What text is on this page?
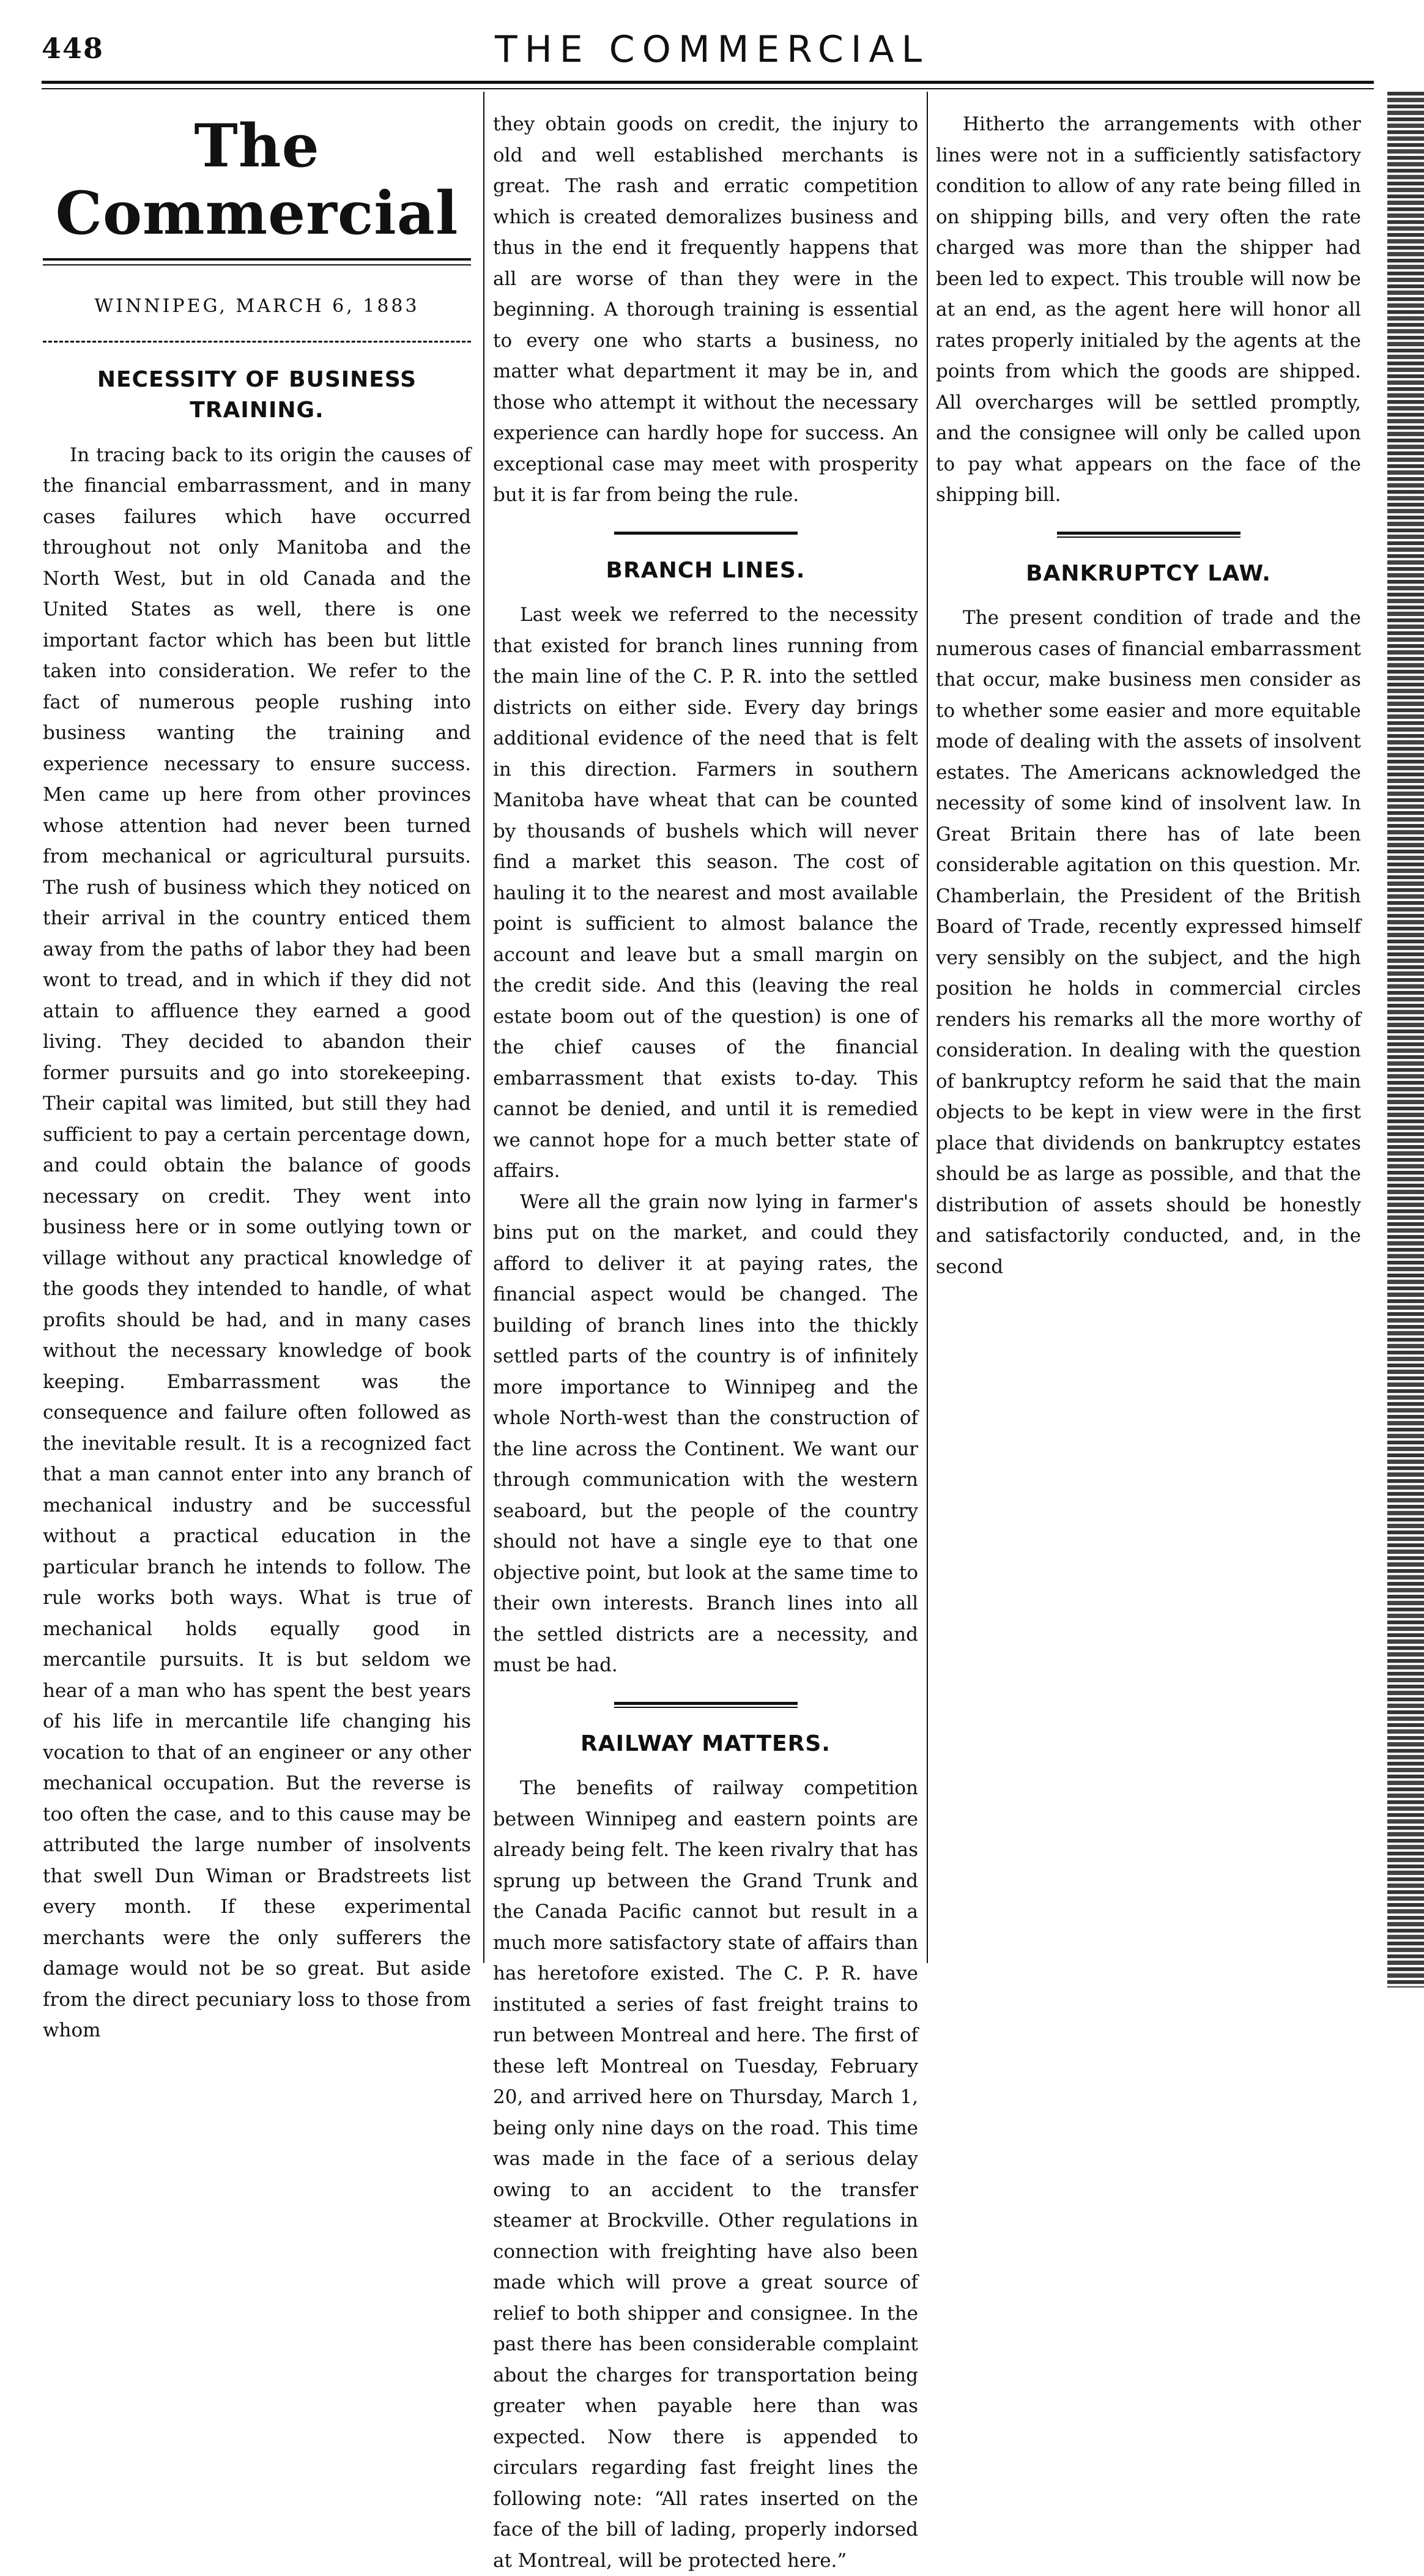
448	THE COMMERCIAL
The Commercial
WINNIPEG, MARCH 6, 1883
NECESSITY OF BUSINESS TRAINING.

In tracing back to its origin the causes of the financial embarrassment, and in many cases failures which have occurred throughout not only Manitoba and the North West, but in old Canada and the United States as well, there is one important factor which has been but little taken into consideration. We refer to the fact of numerous people rushing into business wanting the training and experience necessary to ensure success. Men came up here from other provinces whose attention had never been turned from mechanical or agricultural pursuits. The rush of business which they noticed on their arrival in the country enticed them away from the paths of labor they had been wont to tread, and in which if they did not attain to affluence they earned a good living. They decided to abandon their former pursuits and go into storekeeping. Their capital was limited, but still they had sufficient to pay a certain percentage down, and could obtain the balance of goods necessary on credit. They went into business here or in some outlying town or village without any practical knowledge of the goods they intended to handle, of what profits should be had, and in many cases without the necessary knowledge of book keeping. Embarrassment was the consequence and failure often followed as the inevitable result. It is a recognized fact that a man cannot enter into any branch of mechanical industry and be successful without a practical education in the particular branch he intends to follow. The rule works both ways. What is true of mechanical holds equally good in mercantile pursuits. It is but seldom we hear of a man who has spent the best years of his life in mercantile life changing his vocation to that of an engineer or any other mechanical occupation. But the reverse is too often the case, and to this cause may be attributed the large number of insolvents that swell Dun Wiman or Bradstreets list every month. If these experimental merchants were the only sufferers the damage would not be so great. But aside from the direct pecuniary loss to those from whom

they obtain goods on credit, the injury to old and well established merchants is great. The rash and erratic competition which is created demoralizes business and thus in the end it frequently happens that all are worse of than they were in the beginning. A thorough training is essential to every one who starts a business, no matter what department it may be in, and those who attempt it without the necessary experience can hardly hope for success. An exceptional case may meet with prosperity but it is far from being the rule.

BRANCH LINES.

Last week we referred to the necessity that existed for branch lines running from the main line of the C. P. R. into the settled districts on either side. Every day brings additional evidence of the need that is felt in this direction. Farmers in southern Manitoba have wheat that can be counted by thousands of bushels which will never find a market this season. The cost of hauling it to the nearest and most available point is sufficient to almost balance the account and leave but a small margin on the credit side. And this (leaving the real estate boom out of the question) is one of the chief causes of the financial embarrassment that exists to-day. This cannot be denied, and until it is remedied we cannot hope for a much better state of affairs.

Were all the grain now lying in farmer's bins put on the market, and could they afford to deliver it at paying rates, the financial aspect would be changed. The building of branch lines into the thickly settled parts of the country is of infinitely more importance to Winnipeg and the whole North-west than the construction of the line across the Continent. We want our through communication with the western seaboard, but the people of the country should not have a single eye to that one objective point, but look at the same time to their own interests. Branch lines into all the settled districts are a necessity, and must be had.

RAILWAY MATTERS.

The benefits of railway competition between Winnipeg and eastern points are already being felt. The keen rivalry that has sprung up between the Grand Trunk and the Canada Pacific cannot but result in a much more satisfactory state of affairs than has heretofore existed. The C. P. R. have instituted a series of fast freight trains to run between Montreal and here. The first of these left Montreal on Tuesday, February 20, and arrived here on Thursday, March 1, being only nine days on the road. This time was made in the face of a serious delay owing to an accident to the transfer steamer at Brockville. Other regulations in connection with freighting have also been made which will prove a great source of relief to both shipper and consignee. In the past there has been considerable complaint about the charges for transportation being greater when payable here than was expected. Now there is appended to circulars regarding fast freight lines the following note: “All rates inserted on the face of the bill of lading, properly indorsed at Montreal, will be protected here.”

Hitherto the arrangements with other lines were not in a sufficiently satisfactory condition to allow of any rate being filled in on shipping bills, and very often the rate charged was more than the shipper had been led to expect. This trouble will now be at an end, as the agent here will honor all rates properly initialed by the agents at the points from which the goods are shipped. All overcharges will be settled promptly, and the consignee will only be called upon to pay what appears on the face of the shipping bill.

BANKRUPTCY LAW.

The present condition of trade and the numerous cases of financial embarrassment that occur, make business men consider as to whether some easier and more equitable mode of dealing with the assets of insolvent estates. The Americans acknowledged the necessity of some kind of insolvent law. In Great Britain there has of late been considerable agitation on this question. Mr. Chamberlain, the President of the British Board of Trade, recently expressed himself very sensibly on the subject, and the high position he holds in commercial circles renders his remarks all the more worthy of consideration. In dealing with the question of bankruptcy reform he said that the main objects to be kept in view were in the first place that dividends on bankruptcy estates should be as large as possible, and that the distribution of assets should be honestly and satisfactorily conducted, and, in the second
